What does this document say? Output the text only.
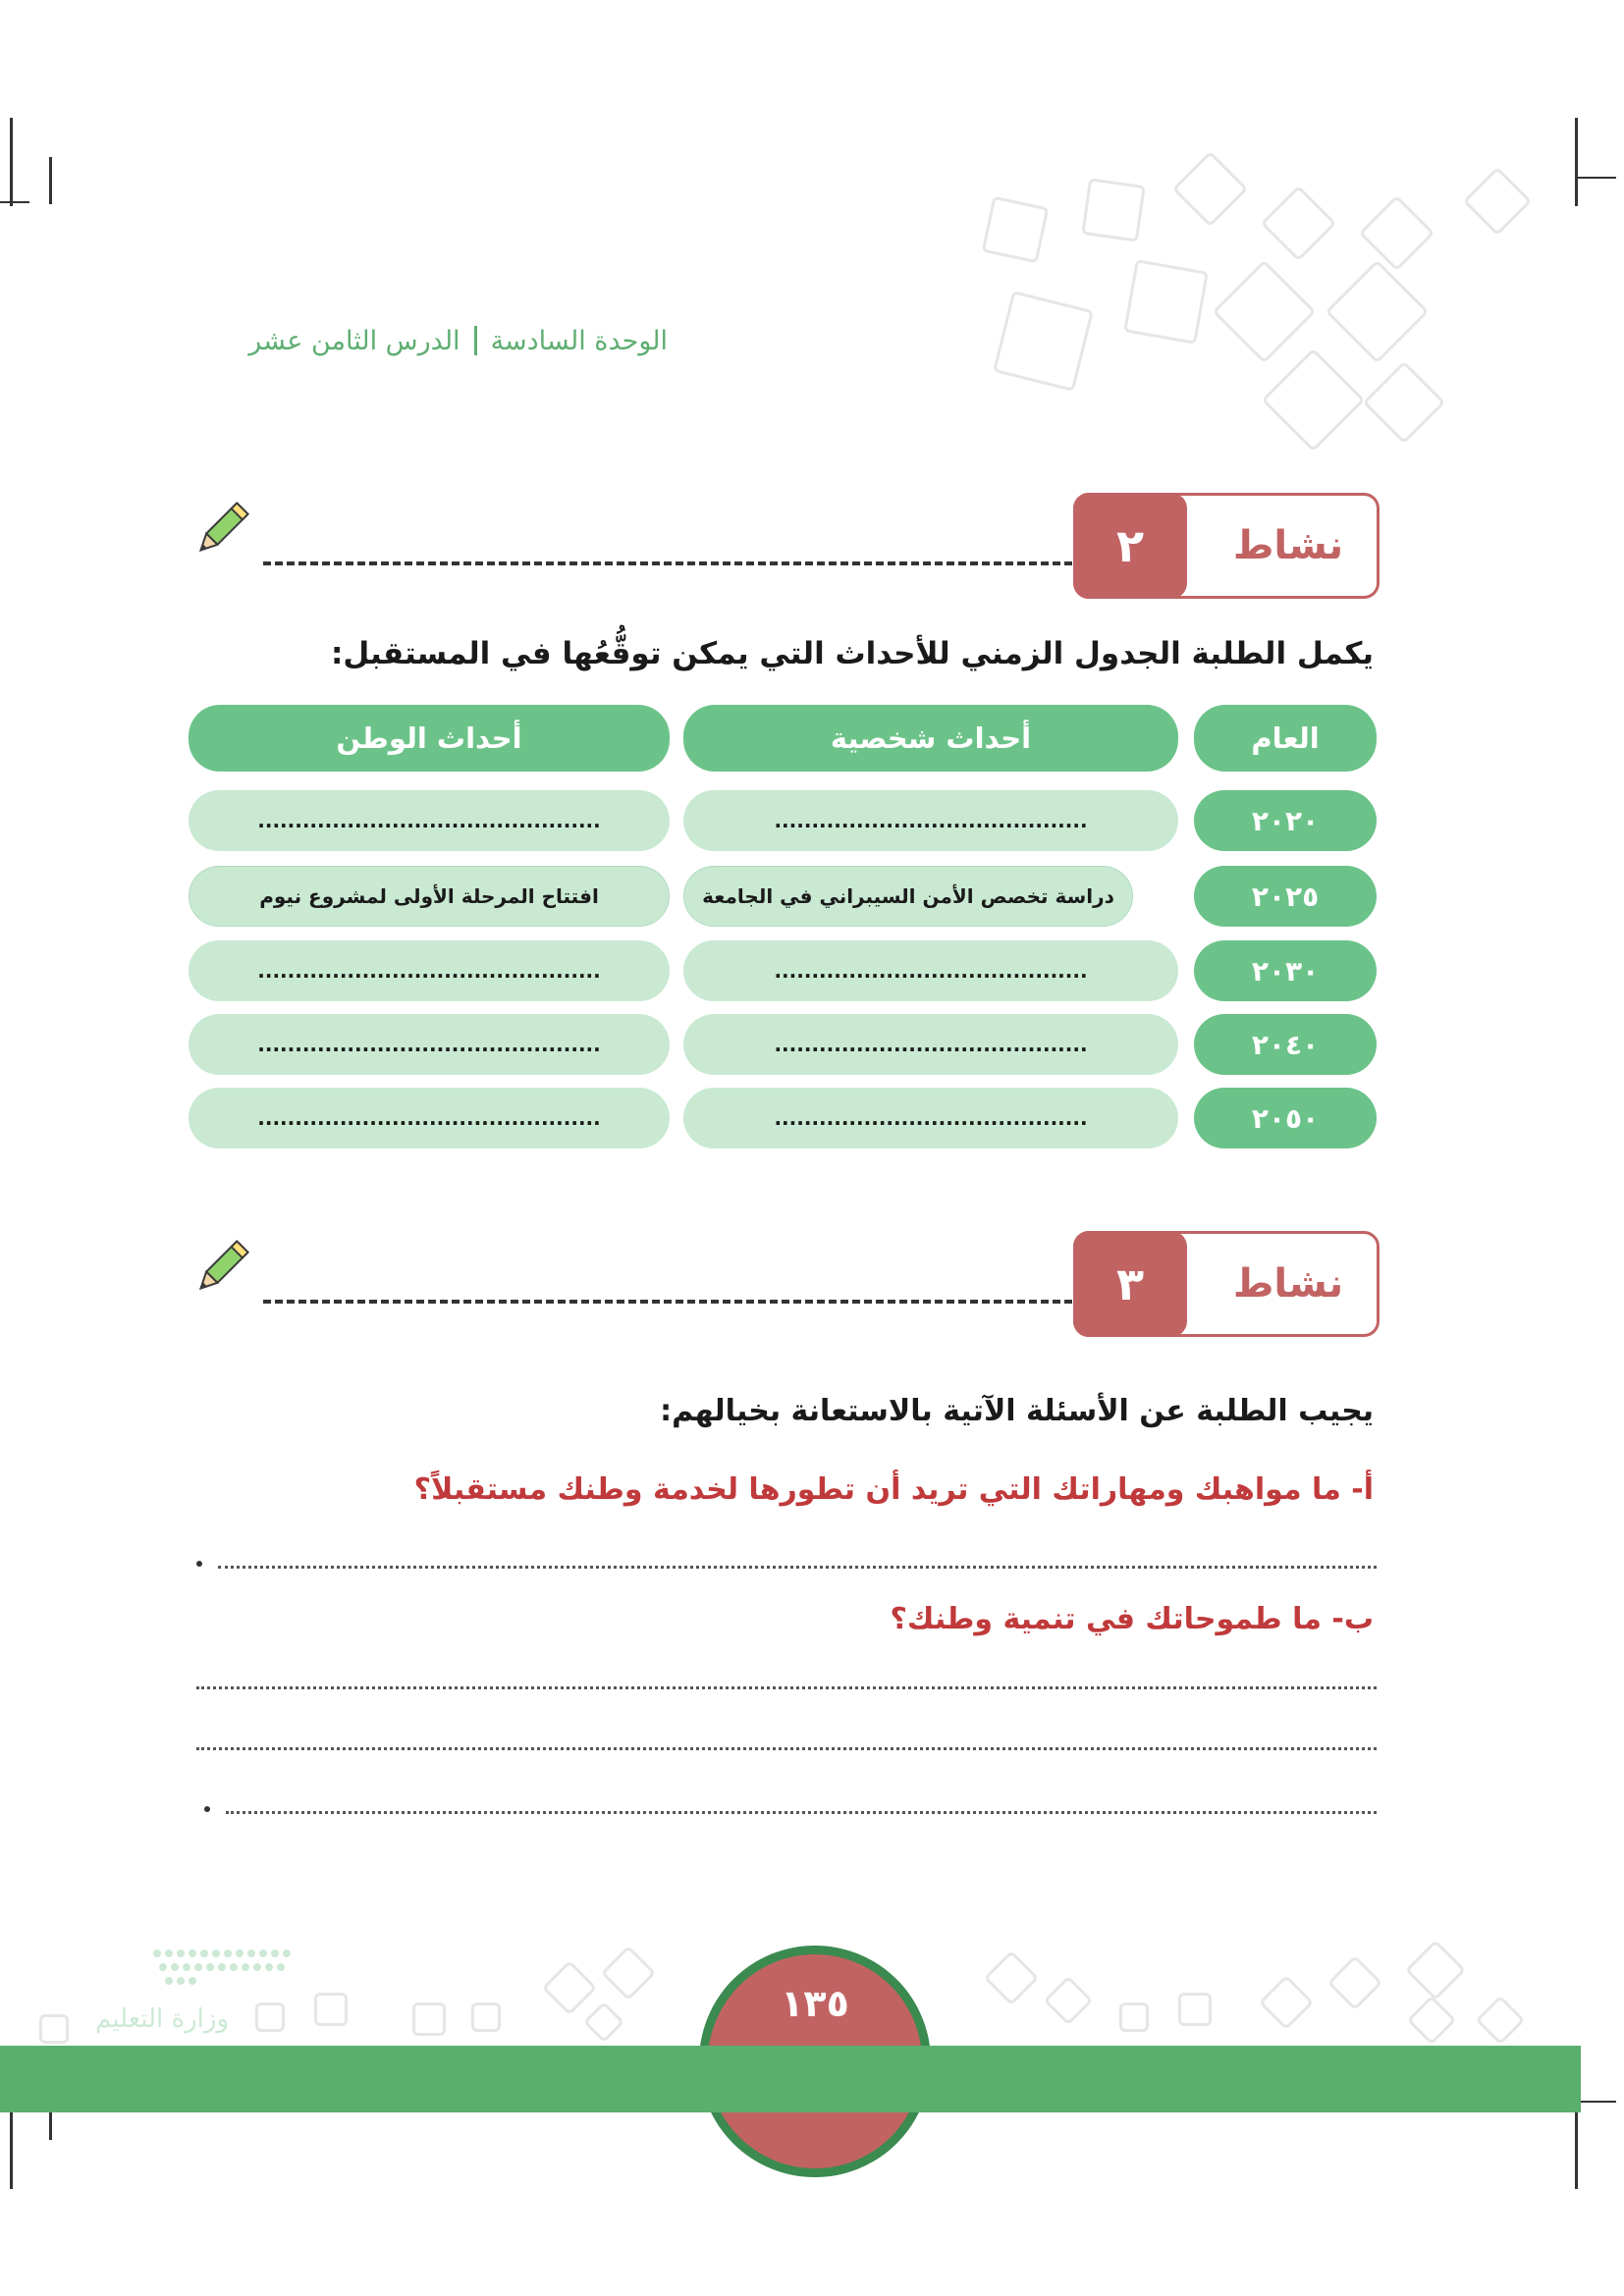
الوحدة السادسة
الدرس الثامن عشر
نشاط
٢
يكمل الطلبة الجدول الزمني للأحداث التي يمكن توقُّعُها في المستقبل:
العام
أحداث شخصية
أحداث الوطن
٢٠٢٠
..........................................
..............................................
٢٠٢٥
دراسة تخصص الأمن السيبراني في الجامعة
افتتاح المرحلة الأولى لمشروع نيوم
٢٠٣٠
..........................................
..............................................
٢٠٤٠
..........................................
..............................................
٢٠٥٠
..........................................
..............................................
نشاط
٣
يجيب الطلبة عن الأسئلة الآتية بالاستعانة بخيالهم:
أ- ما مواهبك ومهاراتك التي تريد أن تطورها لخدمة وطنك مستقبلاً؟
ب- ما طموحاتك في تنمية وطنك؟
١٣٥
وزارة التعليم
